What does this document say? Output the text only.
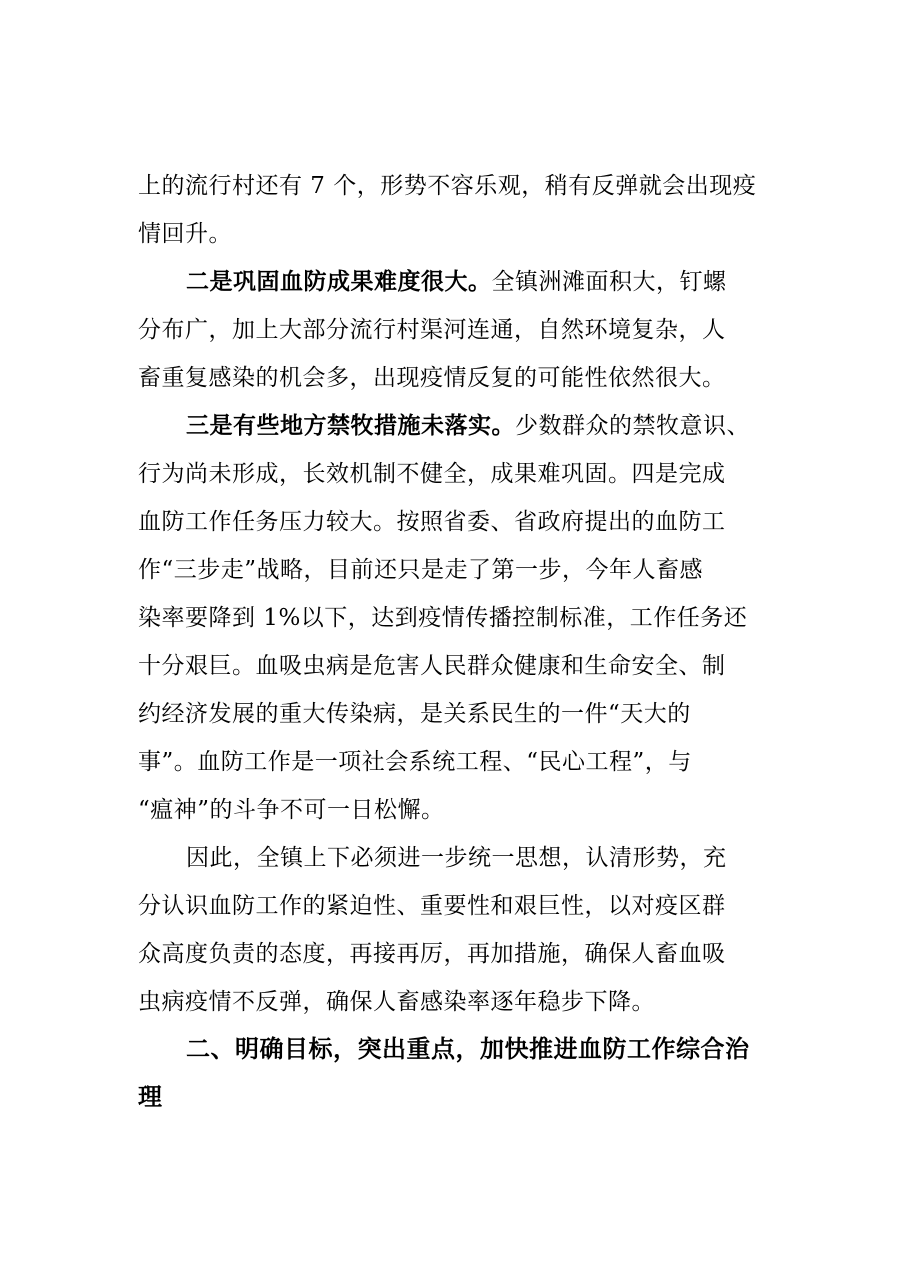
上的流行村还有 7 个，形势不容乐观，稍有反弹就会出现疫
情回升。
二是巩固血防成果难度很大。全镇洲滩面积大，钉螺
分布广，加上大部分流行村渠河连通，自然环境复杂，人
畜重复感染的机会多，出现疫情反复的可能性依然很大。
三是有些地方禁牧措施未落实。少数群众的禁牧意识、
行为尚未形成，长效机制不健全，成果难巩固。四是完成
血防工作任务压力较大。按照省委、省政府提出的血防工
作“三步走”战略，目前还只是走了第一步，今年人畜感
染率要降到 1%以下，达到疫情传播控制标准，工作任务还
十分艰巨。血吸虫病是危害人民群众健康和生命安全、制
约经济发展的重大传染病，是关系民生的一件“天大的
事”。血防工作是一项社会系统工程、“民心工程”，与
“瘟神”的斗争不可一日松懈。
因此，全镇上下必须进一步统一思想，认清形势，充
分认识血防工作的紧迫性、重要性和艰巨性，以对疫区群
众高度负责的态度，再接再厉，再加措施，确保人畜血吸
虫病疫情不反弹，确保人畜感染率逐年稳步下降。
二、明确目标，突出重点，加快推进血防工作综合治
理
